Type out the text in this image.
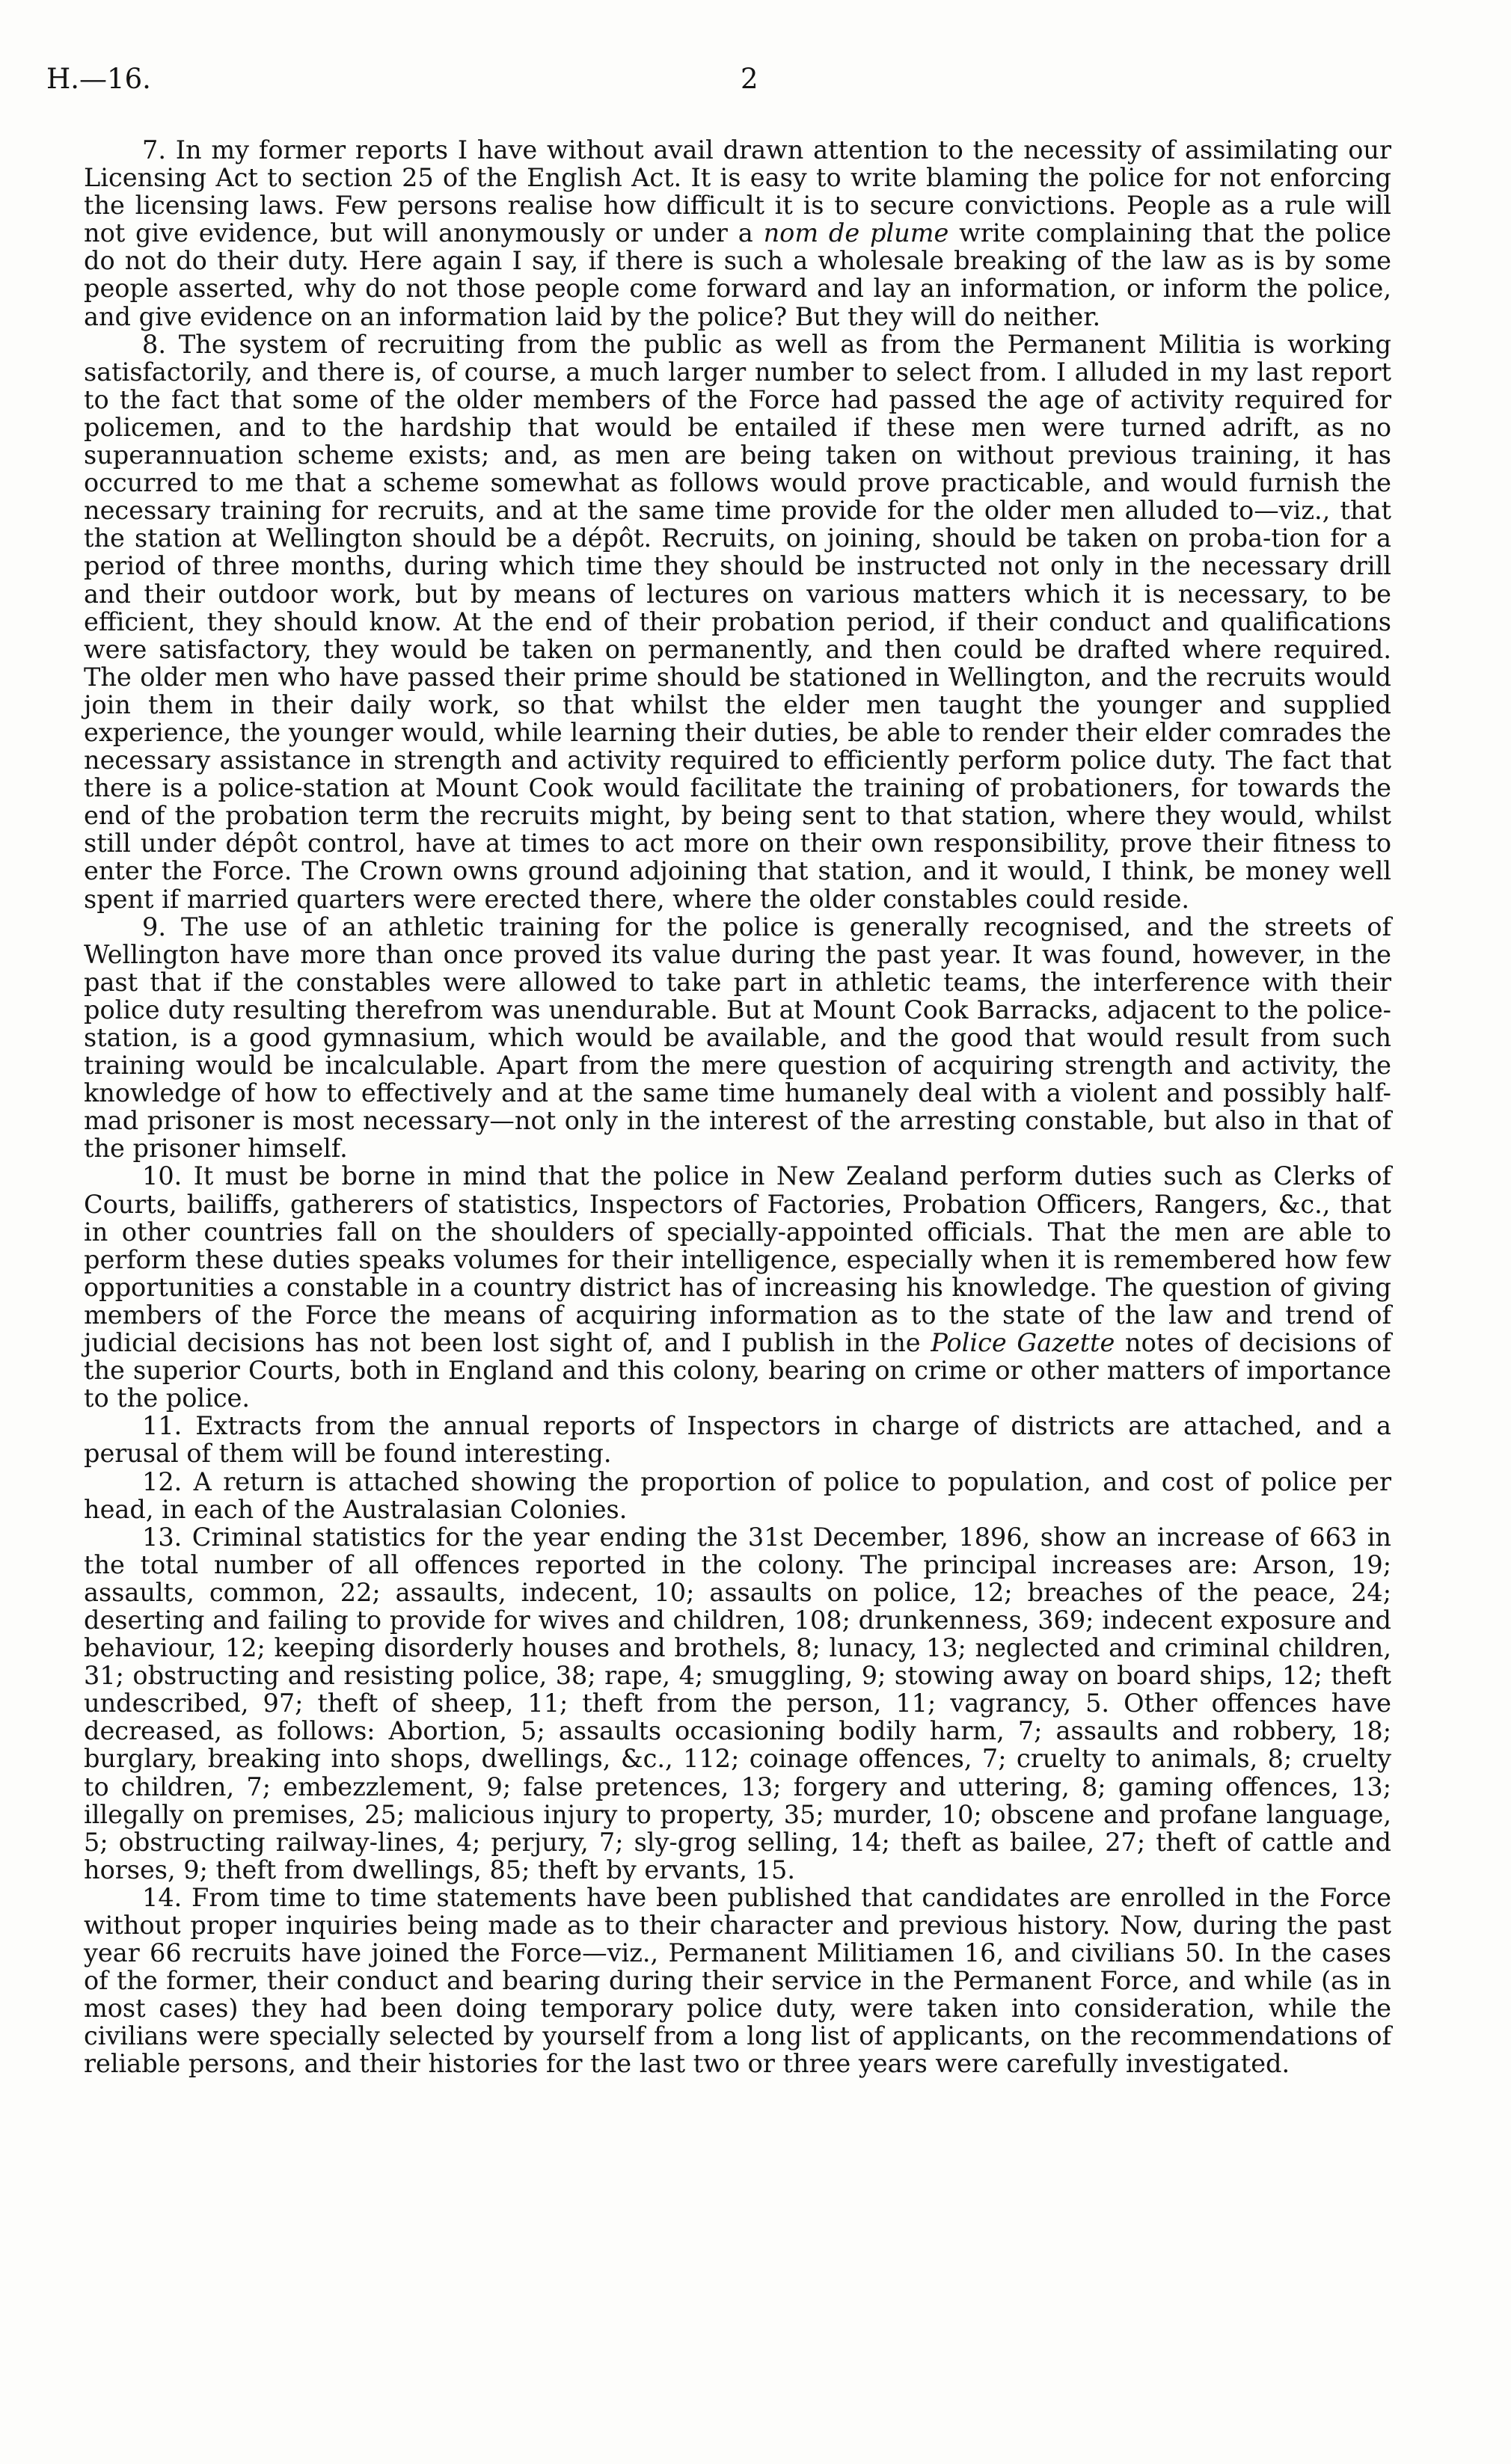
H.—16.	2

7. In my former reports I have without avail drawn attention to the necessity of assimilating our Licensing Act to section 25 of the English Act. It is easy to write blaming the police for not enforcing the licensing laws. Few persons realise how difficult it is to secure convictions. People as a rule will not give evidence, but will anonymously or under a nom de plume write complaining that the police do not do their duty. Here again I say, if there is such a wholesale breaking of the law as is by some people asserted, why do not those people come forward and lay an information, or inform the police, and give evidence on an information laid by the police? But they will do neither.

8. The system of recruiting from the public as well as from the Permanent Militia is working satisfactorily, and there is, of course, a much larger number to select from. I alluded in my last report to the fact that some of the older members of the Force had passed the age of activity required for policemen, and to the hardship that would be entailed if these men were turned adrift, as no superannuation scheme exists; and, as men are being taken on without previous training, it has occurred to me that a scheme somewhat as follows would prove practicable, and would furnish the necessary training for recruits, and at the same time provide for the older men alluded to—viz., that the station at Wellington should be a dépôt. Recruits, on joining, should be taken on proba-tion for a period of three months, during which time they should be instructed not only in the necessary drill and their outdoor work, but by means of lectures on various matters which it is necessary, to be efficient, they should know. At the end of their probation period, if their conduct and qualifications were satisfactory, they would be taken on permanently, and then could be drafted where required. The older men who have passed their prime should be stationed in Wellington, and the recruits would join them in their daily work, so that whilst the elder men taught the younger and supplied experience, the younger would, while learning their duties, be able to render their elder comrades the necessary assistance in strength and activity required to efficiently perform police duty. The fact that there is a police-station at Mount Cook would facilitate the training of probationers, for towards the end of the probation term the recruits might, by being sent to that station, where they would, whilst still under dépôt control, have at times to act more on their own responsibility, prove their fitness to enter the Force. The Crown owns ground adjoining that station, and it would, I think, be money well spent if married quarters were erected there, where the older constables could reside.

9. The use of an athletic training for the police is generally recognised, and the streets of Wellington have more than once proved its value during the past year. It was found, however, in the past that if the constables were allowed to take part in athletic teams, the interference with their police duty resulting therefrom was unendurable. But at Mount Cook Barracks, adjacent to the police-station, is a good gymnasium, which would be available, and the good that would result from such training would be incalculable. Apart from the mere question of acquiring strength and activity, the knowledge of how to effectively and at the same time humanely deal with a violent and possibly half-mad prisoner is most necessary—not only in the interest of the arresting constable, but also in that of the prisoner himself.

10. It must be borne in mind that the police in New Zealand perform duties such as Clerks of Courts, bailiffs, gatherers of statistics, Inspectors of Factories, Probation Officers, Rangers, &c., that in other countries fall on the shoulders of specially-appointed officials. That the men are able to perform these duties speaks volumes for their intelligence, especially when it is remembered how few opportunities a constable in a country district has of increasing his knowledge. The question of giving members of the Force the means of acquiring information as to the state of the law and trend of judicial decisions has not been lost sight of, and I publish in the Police Gazette notes of decisions of the superior Courts, both in England and this colony, bearing on crime or other matters of importance to the police.

11. Extracts from the annual reports of Inspectors in charge of districts are attached, and a perusal of them will be found interesting.

12. A return is attached showing the proportion of police to population, and cost of police per head, in each of the Australasian Colonies.

13. Criminal statistics for the year ending the 31st December, 1896, show an increase of 663 in the total number of all offences reported in the colony. The principal increases are: Arson, 19; assaults, common, 22; assaults, indecent, 10; assaults on police, 12; breaches of the peace, 24; deserting and failing to provide for wives and children, 108; drunkenness, 369; indecent exposure and behaviour, 12; keeping disorderly houses and brothels, 8; lunacy, 13; neglected and criminal children, 31; obstructing and resisting police, 38; rape, 4; smuggling, 9; stowing away on board ships, 12; theft undescribed, 97; theft of sheep, 11; theft from the person, 11; vagrancy, 5. Other offences have decreased, as follows: Abortion, 5; assaults occasioning bodily harm, 7; assaults and robbery, 18; burglary, breaking into shops, dwellings, &c., 112; coinage offences, 7; cruelty to animals, 8; cruelty to children, 7; embezzlement, 9; false pretences, 13; forgery and uttering, 8; gaming offences, 13; illegally on premises, 25; malicious injury to property, 35; murder, 10; obscene and profane language, 5; obstructing railway-lines, 4; perjury, 7; sly-grog selling, 14; theft as bailee, 27; theft of cattle and horses, 9; theft from dwellings, 85; theft by ervants, 15.

14. From time to time statements have been published that candidates are enrolled in the Force without proper inquiries being made as to their character and previous history. Now, during the past year 66 recruits have joined the Force—viz., Permanent Militiamen 16, and civilians 50. In the cases of the former, their conduct and bearing during their service in the Permanent Force, and while (as in most cases) they had been doing temporary police duty, were taken into consideration, while the civilians were specially selected by yourself from a long list of applicants, on the recommendations of reliable persons, and their histories for the last two or three years were carefully investigated.
